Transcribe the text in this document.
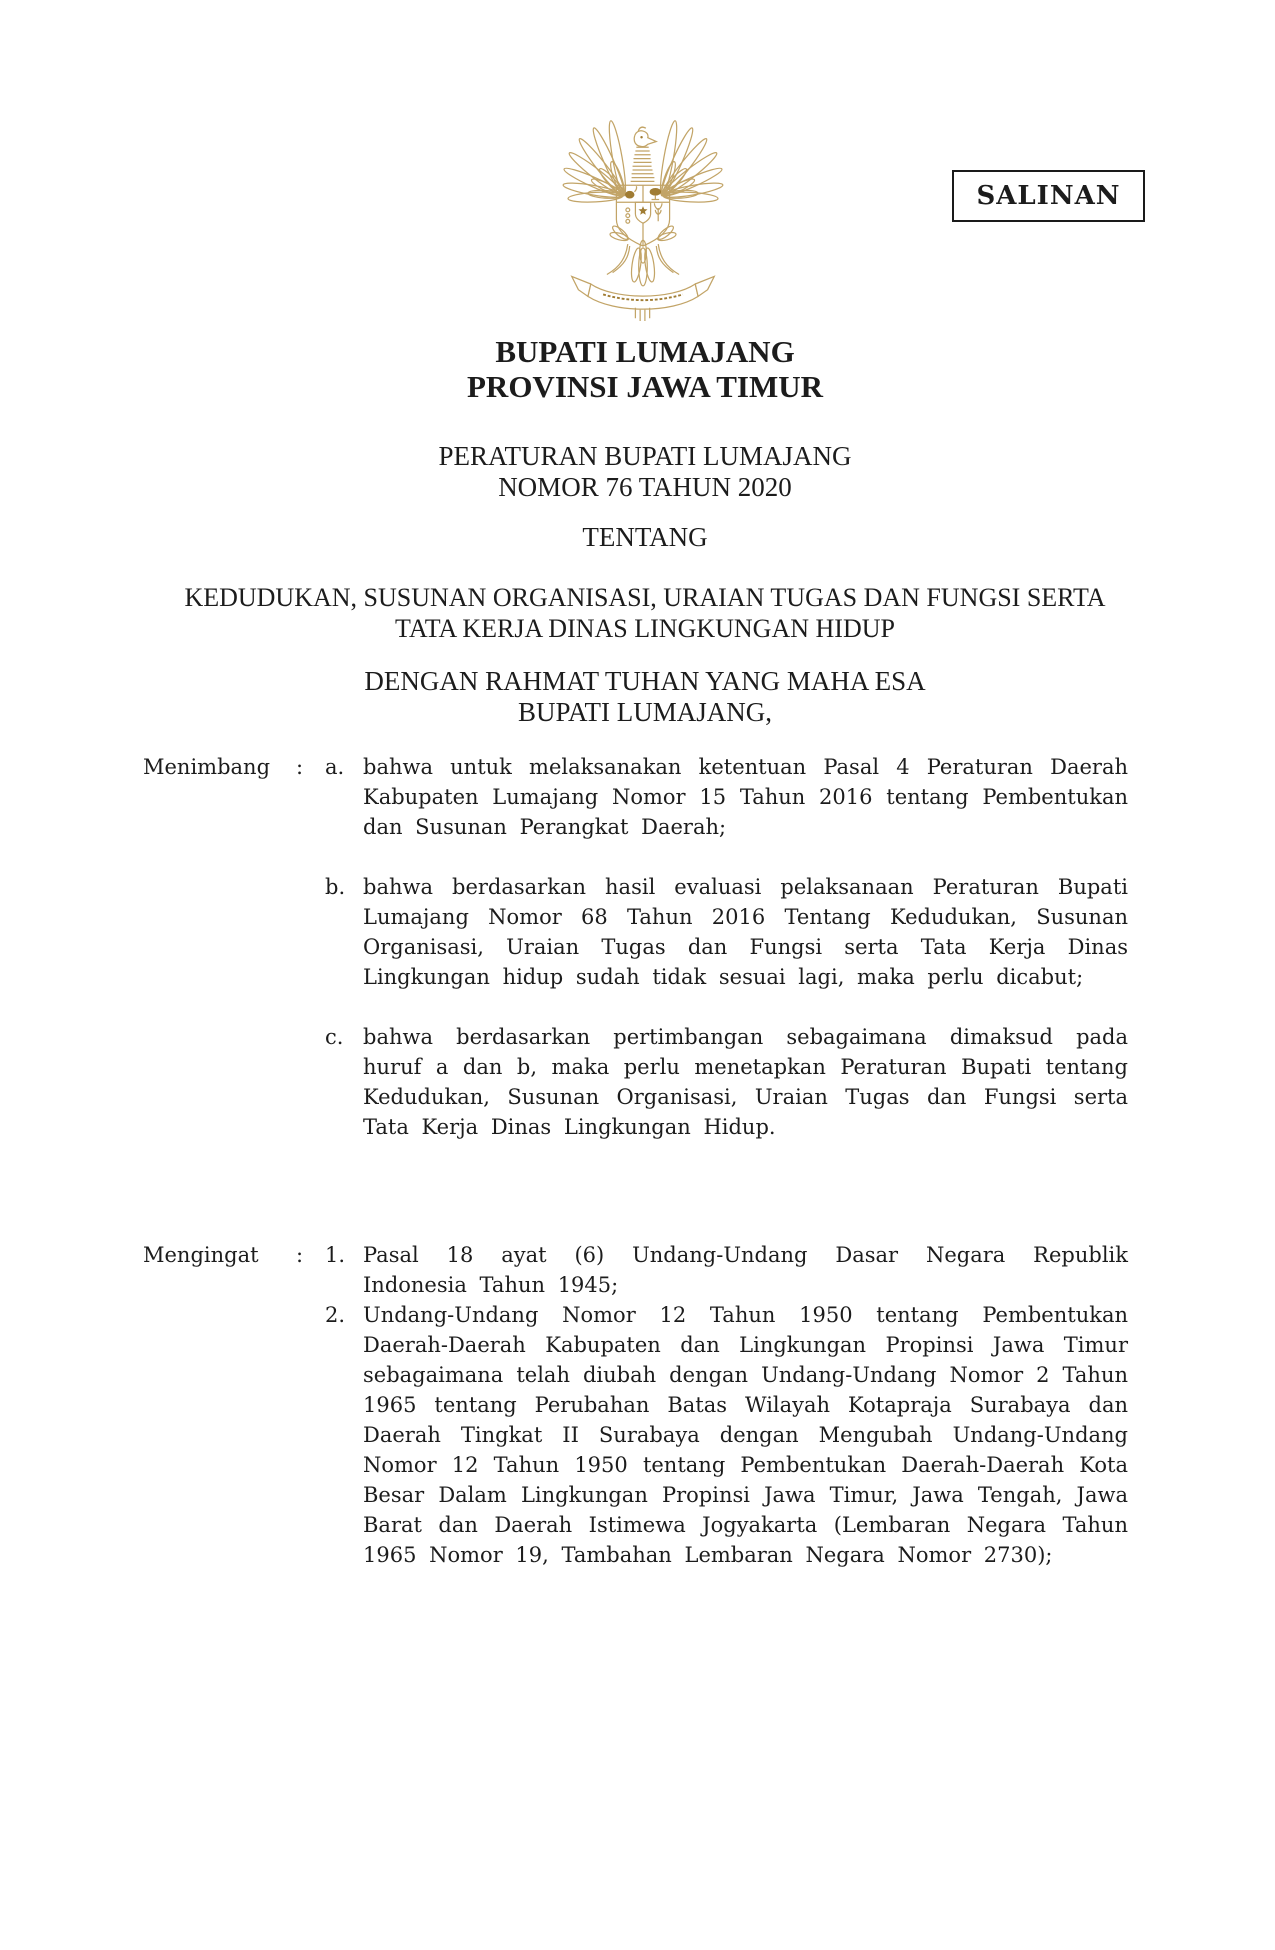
SALINAN
BUPATI LUMAJANG
PROVINSI JAWA TIMUR
PERATURAN BUPATI LUMAJANG
NOMOR 76 TAHUN 2020
TENTANG
KEDUDUKAN, SUSUNAN ORGANISASI, URAIAN TUGAS DAN FUNGSI SERTA
TATA KERJA DINAS LINGKUNGAN HIDUP
DENGAN RAHMAT TUHAN YANG MAHA ESA
BUPATI LUMAJANG,
Menimbang : a. bahwa untuk melaksanakan ketentuan Pasal 4 Peraturan Daerah Kabupaten Lumajang Nomor 15 Tahun 2016 tentang Pembentukan dan Susunan Perangkat Daerah;
b. bahwa berdasarkan hasil evaluasi pelaksanaan Peraturan Bupati Lumajang Nomor 68 Tahun 2016 Tentang Kedudukan, Susunan Organisasi, Uraian Tugas dan Fungsi serta Tata Kerja Dinas Lingkungan hidup sudah tidak sesuai lagi, maka perlu dicabut;
c. bahwa berdasarkan pertimbangan sebagaimana dimaksud pada huruf a dan b, maka perlu menetapkan Peraturan Bupati tentang Kedudukan, Susunan Organisasi, Uraian Tugas dan Fungsi serta Tata Kerja Dinas Lingkungan Hidup.
Mengingat : 1. Pasal 18 ayat (6) Undang-Undang Dasar Negara Republik Indonesia Tahun 1945;
2. Undang-Undang Nomor 12 Tahun 1950 tentang Pembentukan Daerah-Daerah Kabupaten dan Lingkungan Propinsi Jawa Timur sebagaimana telah diubah dengan Undang-Undang Nomor 2 Tahun 1965 tentang Perubahan Batas Wilayah Kotapraja Surabaya dan Daerah Tingkat II Surabaya dengan Mengubah Undang-Undang Nomor 12 Tahun 1950 tentang Pembentukan Daerah-Daerah Kota Besar Dalam Lingkungan Propinsi Jawa Timur, Jawa Tengah, Jawa Barat dan Daerah Istimewa Jogyakarta (Lembaran Negara Tahun 1965 Nomor 19, Tambahan Lembaran Negara Nomor 2730);
